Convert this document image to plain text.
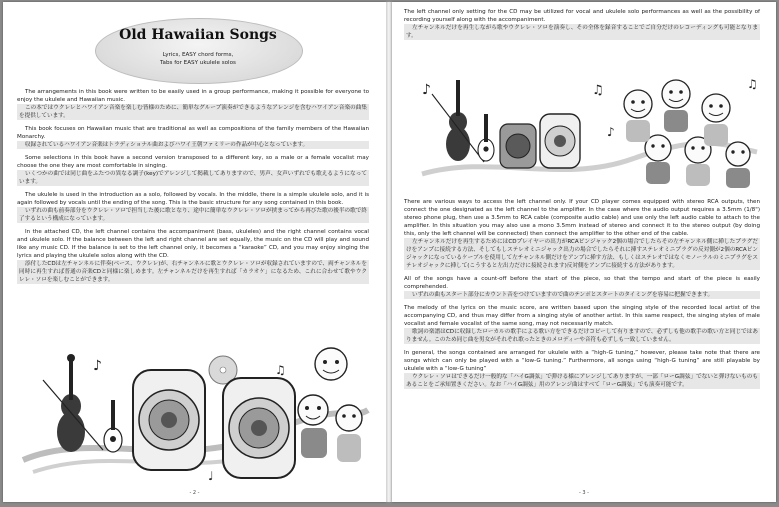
Old Hawaiian Songs
Lyrics, EASY chord forms,
Tabs for EASY ukulele solos

The arrangements in this book were written to be easily used in a group performance, making it possible for everyone to enjoy the ukulele and Hawaiian music.

この本ではウクレレとハワイアン音楽を楽しむ皆様のために、簡単なグループ演奏ができるようなアレンジを含むハワイアン音楽の曲集を提供しています。

This book focuses on Hawaiian music that are traditional as well as compositions of the family members of the Hawaiian Monarchy.

収録されているハワイアン音楽はトラディショナル曲およびハワイ王朝ファミリーの作品が中心となっています。

Some selections in this book have a second version transposed to a different key, so a male or a female vocalist may choose the one they are most comfortable in singing.

いくつかの曲では同じ曲をふたつの異なる調子(key)でアレンジして掲載してありますので、男声、女声いずれでも歌えるようになっています。

The ukulele is used in the introduction as a solo, followed by vocals. In the middle, there is a simple ukulele solo, and it is again followed by vocals until the ending of the song. This is the basic structure for any song contained in this book.

いずれの曲も前奏部分をウクレレ・ソロで担当した後に歌となり、途中に簡単なウクレレ・ソロが挟まってから再びた歌の後半の歌で終了するという構成になっています。

In the attached CD, the left channel contains the accompaniment (bass, ukuleles) and the right channel contains vocal and ukulele solo. If the balance between the left and right channel are set equally, the music on the CD will play and sound like any music CD. If the balance is set to the left channel only, it becomes a “karaoke” CD, and you may enjoy singing the lyrics and playing the ukulele solos along with the CD.

添付したCDは左チャンネルに伴奏(ベース、ウクレレ)が、右チャンネルに歌とウクレレ・ソロが収録されていますので、両チャンネルを同時に再生すれば普通の音楽CDと同様に楽しめます。左チャンネルだけを再生すれば「カラオケ」になるため、これに合わせて歌やウクレレ・ソロを楽しむことができます。

♪	♫
♩
- 2 -

The left channel only setting for the CD may be utilized for vocal and ukulele solo performances as well as the possibility of recording yourself along with the accompaniment.

左チャンネルだけを再生しながら歌やウクレレ・ソロを演奏し、その全体を録音することでご自分だけのレコーディングも可能となります。

♪	♫
♪
♫

There are various ways to access the left channel only. If your CD player comes equipped with stereo RCA outputs, then connect the one designated as the left channel to the amplifier. In the case where the audio output requires a 3.5mm (1/8") stereo phone plug, then use a 3.5mm to RCA cable (composite audio cable) and use only the left audio cable to attach to the amplifier. In this situation you may also use a mono 3.5mm instead of stereo and connect it to the stereo output (by doing this, only the left channel will be connected) then connect the amplifier to the other end of the cable.

左チャンネルだけを再生するためにはCDプレイヤーの出力がRCAピンジャック2個の場合でしたらその左チャンネル側に挿したプラグだけをアンプに接続する方法、そしてもしステレオミニジャック出力の場合でしたらそれに挿すステレオミニプラグの反対側が2個のRCAピンジャックになっているケーブルを使用して左チャンネル側だけをアンプに挿す方法、もしくはステレオではなくモノーラルのミニプラグをステレオジャックに挿して(こうすると左出力だけに接続されます)反対側をアンプに接続する方法があります。

All of the songs have a count-off before the start of the piece, so that the tempo and start of the piece is easily comprehended.

いずれの曲もスタート部分にカウント音をつけていますので曲のテンポとスタートのタイミングを容易に把握できます。

The melody of the lyrics on the music score, are written based upon the singing style of the recorded local artist of the accompanying CD, and thus may differ from a singing style of another artist. In this same respect, the singing styles of male vocalist and female vocalist of the same song, may not necessarily match.

歌詞の楽譜はCDに収録したローカルの歌手による歌い方をできるだけコピーして有りますので、必ずしも他の歌手の歌い方と同じではありません。このため同じ曲を男女がそれぞれ歌ったときのメロディーや音符も必ずしも一致していません。

In general, the songs contained are arranged for ukulele with a “high-G tuning,” however, please take note that there are songs which can only be played with a “low-G tuning.” Furthermore, all songs using “high-G tuning” are still playable by ukulele with a “low-G tuning”

ウクレレ・ソロはできるだけ一般的な「ハイG調弦」で弾ける様にアレンジしてありますが、一部「ローG調弦」でないと弾けないものもあることをご承知置きください。なお「ハイG調弦」用のアレンジ曲はすべて「ローG調弦」でも演奏可能です。

- 3 -
